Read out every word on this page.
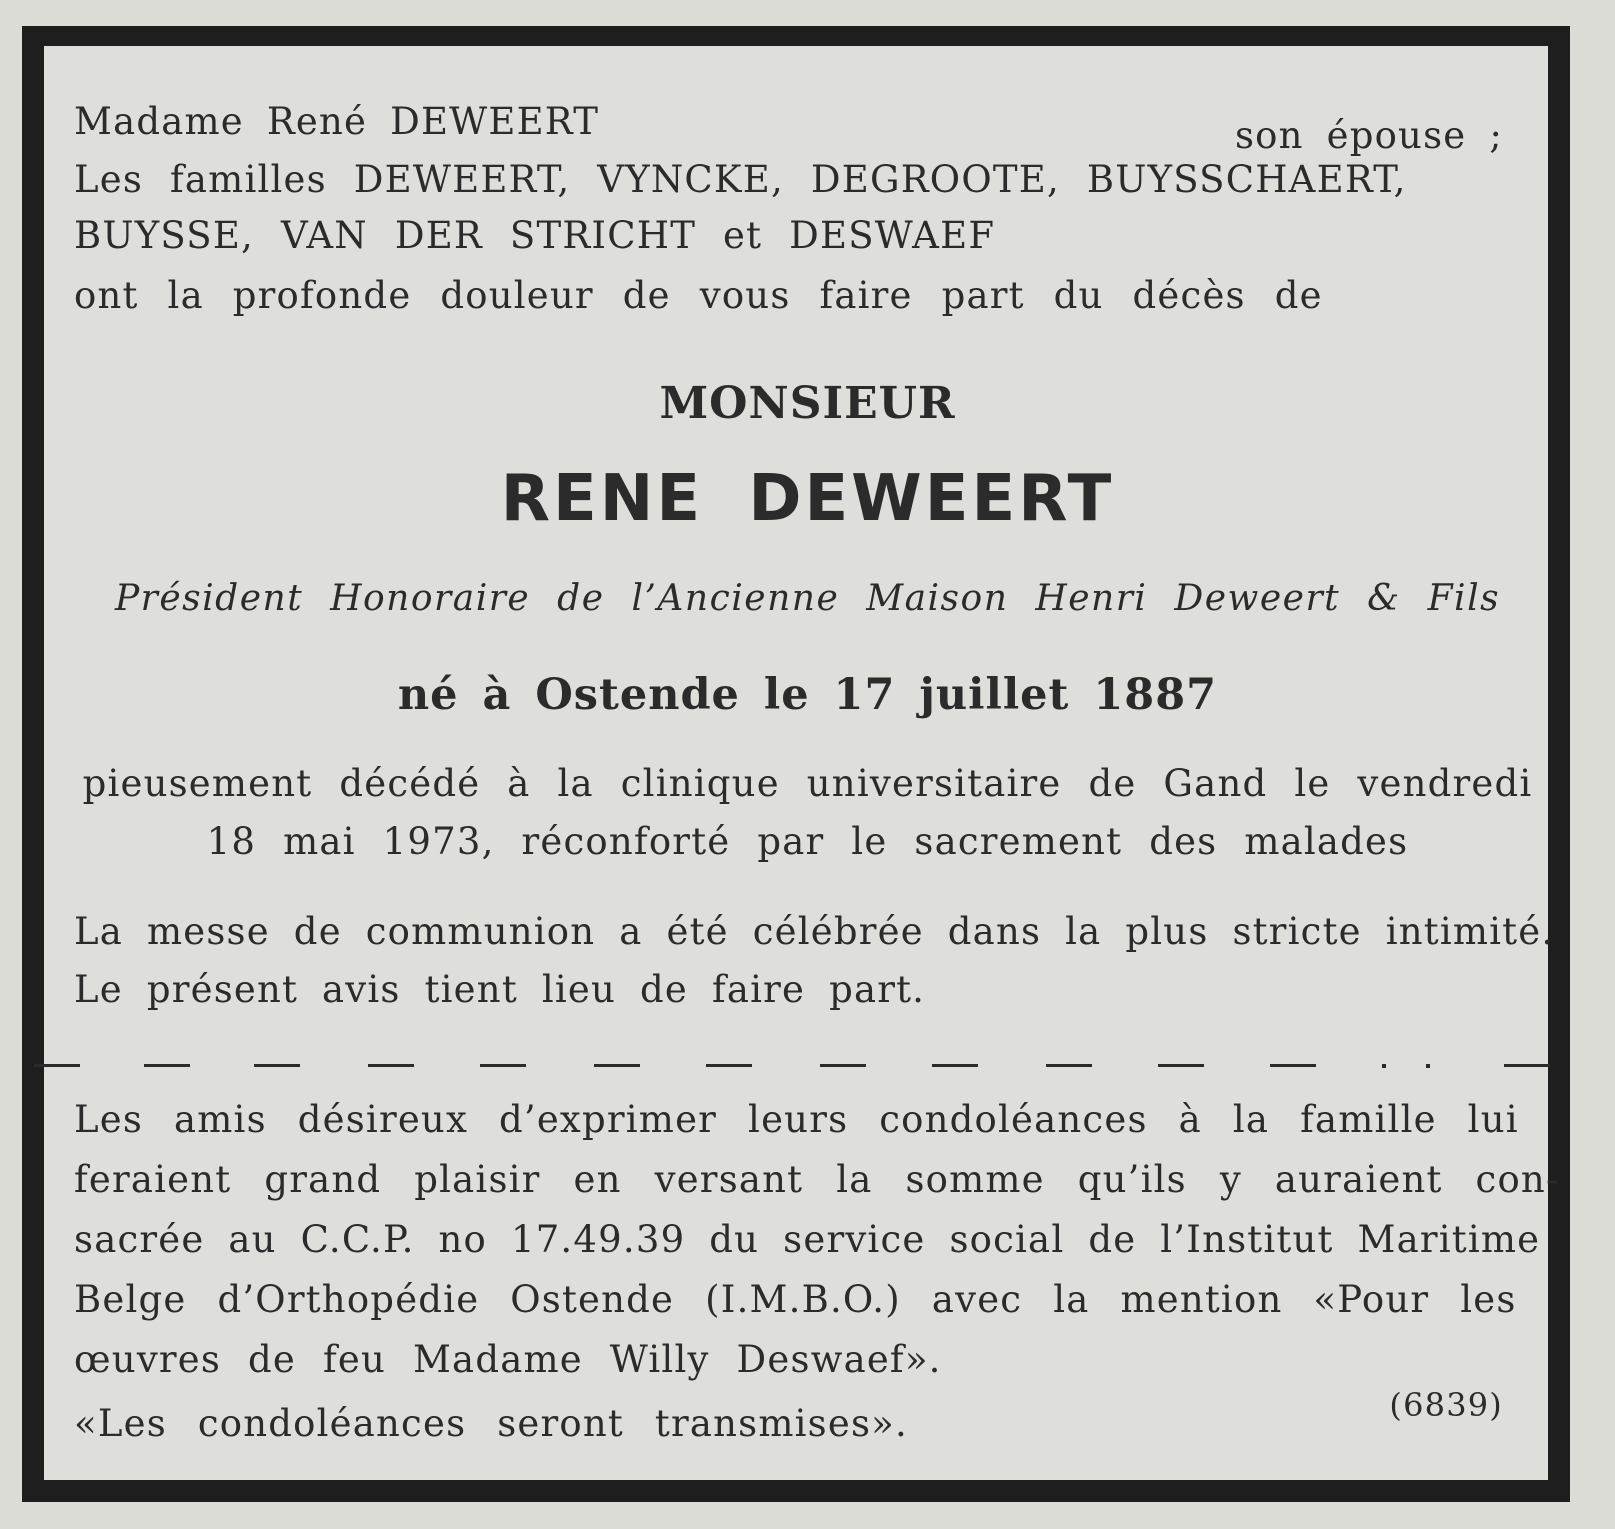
Madame René DEWEERT	son épouse ;
Les familles DEWEERT, VYNCKE, DEGROOTE, BUYSSCHAERT,
BUYSSE, VAN DER STRICHT et DESWAEF
ont la profonde douleur de vous faire part du décès de
MONSIEUR
RENE DEWEERT
Président Honoraire de l’Ancienne Maison Henri Deweert & Fils
né à Ostende le 17 juillet 1887
pieusement décédé à la clinique universitaire de Gand le vendredi
18 mai 1973, réconforté par le sacrement des malades
La messe de communion a été célébrée dans la plus stricte intimité.
Le présent avis tient lieu de faire part.
Les amis désireux d’exprimer leurs condoléances à la famille lui
feraient grand plaisir en versant la somme qu’ils y auraient con-
sacrée au C.C.P. no 17.49.39 du service social de l’Institut Maritime
Belge d’Orthopédie Ostende (I.M.B.O.) avec la mention «Pour les
œuvres de feu Madame Willy Deswaef».
«Les condoléances seront transmises».	(6839)
